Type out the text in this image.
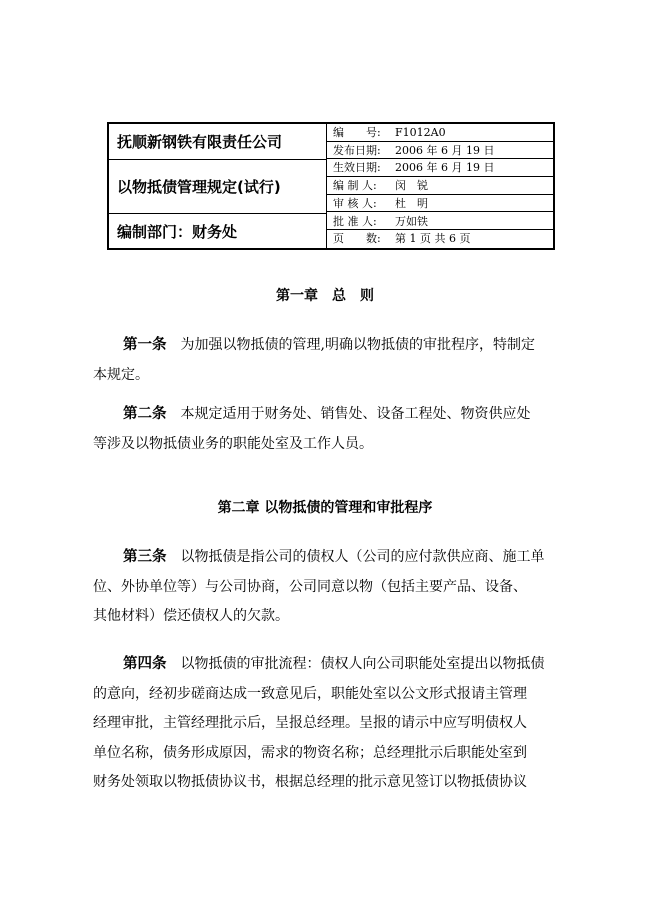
抚顺新钢铁有限责任公司
以物抵债管理规定(试行)
编制部门：财务处
编　　号: F1012A0
发布日期: 2006 年 6 月 19 日
生效日期: 2006 年 6 月 19 日
编 制 人: 闵　锐
审 核 人: 杜　明
批 准 人: 万如铁
页　　数: 第 1 页 共 6 页
第一章　总　则

第一条　 为加强以物抵债的管理,明确以物抵债的审批程序，特制定
本规定。

第二条　 本规定适用于财务处、销售处、设备工程处、物资供应处
等涉及以物抵债业务的职能处室及工作人员。

第二章 以物抵债的管理和审批程序

第三条　 以物抵债是指公司的债权人（公司的应付款供应商、施工单
位、外协单位等）与公司协商，公司同意以物（包括主要产品、设备、
其他材料）偿还债权人的欠款。

第四条　 以物抵债的审批流程：债权人向公司职能处室提出以物抵债
的意向，经初步磋商达成一致意见后，职能处室以公文形式报请主管理
经理审批，主管经理批示后，呈报总经理。呈报的请示中应写明债权人
单位名称，债务形成原因，需求的物资名称；总经理批示后职能处室到
财务处领取以物抵债协议书，根据总经理的批示意见签订以物抵债协议
